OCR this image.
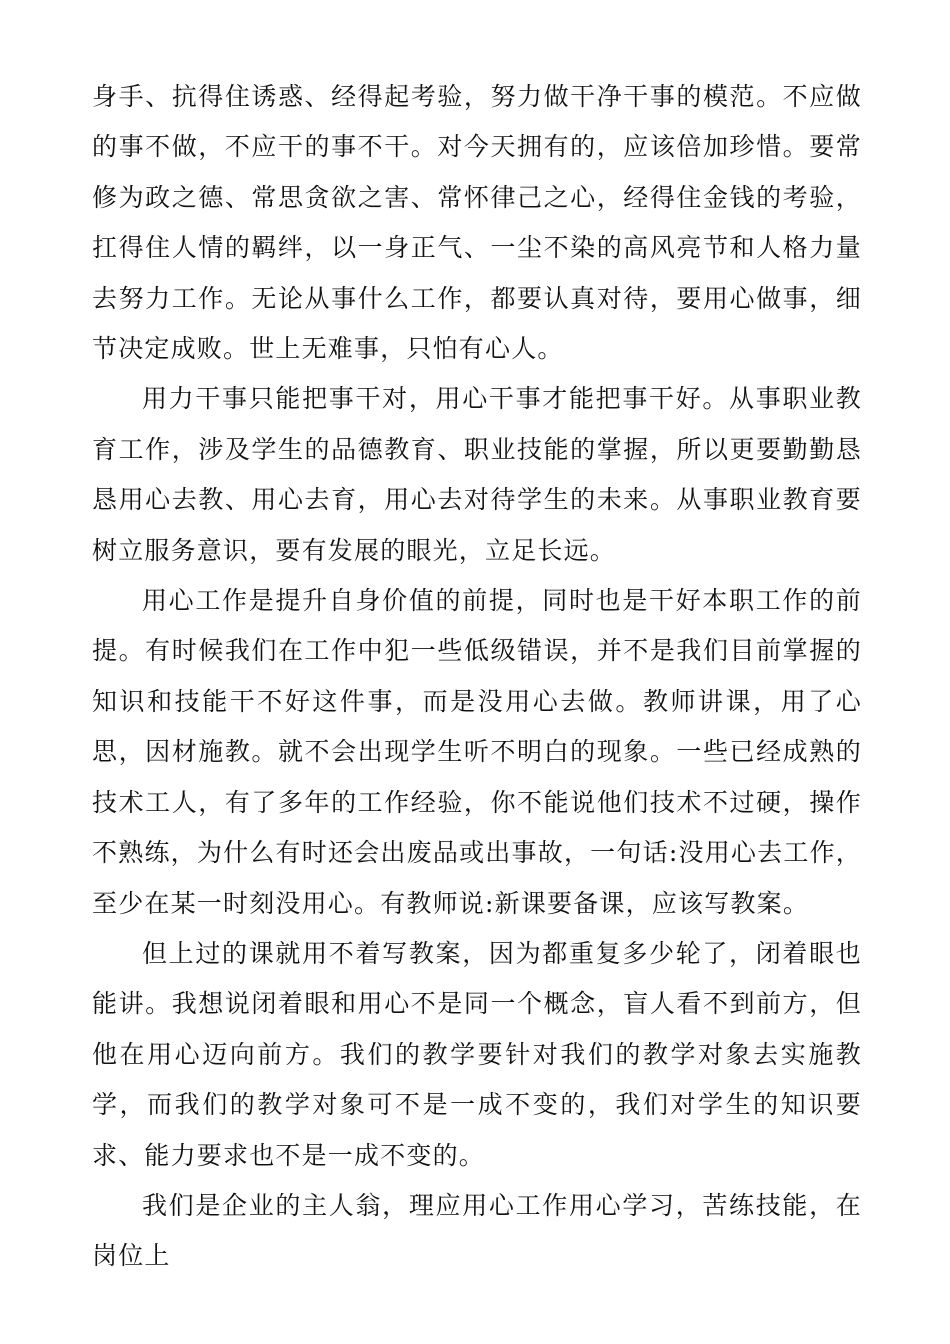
身手、抗得住诱惑、经得起考验，努力做干净干事的模范。不应做的事不做，不应干的事不干。对今天拥有的，应该倍加珍惜。要常修为政之德、常思贪欲之害、常怀律己之心，经得住金钱的考验，扛得住人情的羁绊，以一身正气、一尘不染的高风亮节和人格力量去努力工作。无论从事什么工作，都要认真对待，要用心做事，细节决定成败。世上无难事，只怕有心人。

用力干事只能把事干对，用心干事才能把事干好。从事职业教育工作，涉及学生的品德教育、职业技能的掌握，所以更要勤勤恳恳用心去教、用心去育，用心去对待学生的未来。从事职业教育要树立服务意识，要有发展的眼光，立足长远。

用心工作是提升自身价值的前提，同时也是干好本职工作的前提。有时候我们在工作中犯一些低级错误，并不是我们目前掌握的知识和技能干不好这件事，而是没用心去做。教师讲课，用了心思，因材施教。就不会出现学生听不明白的现象。一些已经成熟的技术工人，有了多年的工作经验，你不能说他们技术不过硬，操作不熟练，为什么有时还会出废品或出事故，一句话:没用心去工作，至少在某一时刻没用心。有教师说:新课要备课，应该写教案。

但上过的课就用不着写教案，因为都重复多少轮了，闭着眼也能讲。我想说闭着眼和用心不是同一个概念，盲人看不到前方，但他在用心迈向前方。我们的教学要针对我们的教学对象去实施教学，而我们的教学对象可不是一成不变的，我们对学生的知识要求、能力要求也不是一成不变的。

我们是企业的主人翁，理应用心工作用心学习，苦练技能，在岗位上
